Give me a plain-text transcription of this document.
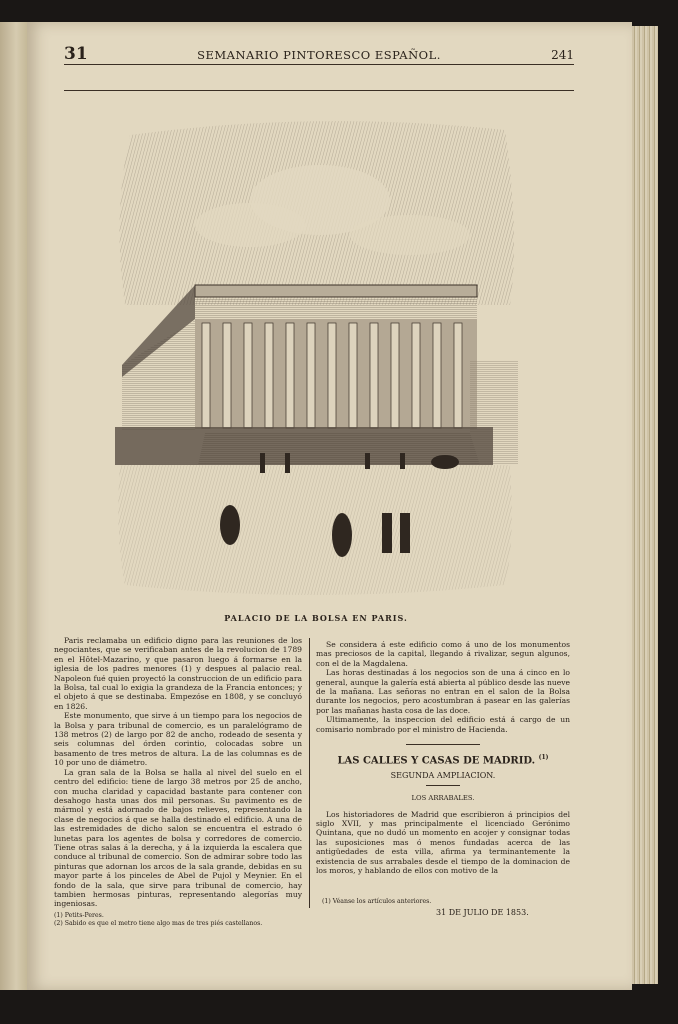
31	SEMANARIO PINTORESCO ESPAÑOL.	241
PALACIO DE LA BOLSA EN PARIS.

Paris reclamaba un edificio digno para las reuniones de los negociantes, que se verificaban antes de la revolucion de 1789 en el Hôtel-Mazarino, y que pasaron luego á formarse en la iglesia de los padres menores (1) y despues al palacio real. Napoleon fué quien proyectó la construccion de un edificio para la Bolsa, tal cual lo exigia la grandeza de la Francia entonces; y el objeto á que se destinaba. Empezóse en 1808, y se concluyó en 1826.

Este monumento, que sirve á un tiempo para los negocios de la Bolsa y para tribunal de comercio, es un paralelógramo de 138 metros (2) de largo por 82 de ancho, rodeado de sesenta y seis columnas del órden corintio, colocadas sobre un basamento de tres metros de altura. La de las columnas es de 10 por uno de diámetro.

La gran sala de la Bolsa se halla al nivel del suelo en el centro del edificio: tiene de largo 38 metros por 25 de ancho, con mucha claridad y capacidad bastante para contener con desahogo hasta unas dos mil personas. Su pavimento es de mármol y está adornado de bajos relieves, representando la clase de negocios á que se halla destinado el edificio. A una de las estremidades de dicho salon se encuentra el estrado ó lunetas para los agentes de bolsa y corredores de comercio. Tiene otras salas á la derecha, y á la izquierda la escalera que conduce al tribunal de comercio. Son de admirar sobre todo las pinturas que adornan los arcos de la sala grande, debidas en su mayor parte á los pinceles de Abel de Pujol y Meynier. En el fondo de la sala, que sirve para tribunal de comercio, hay tambien hermosas pinturas, representando alegorías muy ingeniosas.

(1) Petits-Peres.
(2) Sabido es que el metro tiene algo mas de tres piés castellanos.

Se considera á este edificio como á uno de los monumentos mas preciosos de la capital, llegando á rivalizar, segun algunos, con el de la Magdalena.

Las horas destinadas á los negocios son de una á cinco en lo general, aunque la galería está abierta al público desde las nueve de la mañana. Las señoras no entran en el salon de la Bolsa durante los negocios, pero acostumbran á pasear en las galerías por las mañanas hasta cosa de las doce.

Ultimamente, la inspeccion del edificio está á cargo de un comisario nombrado por el ministro de Hacienda.

LAS CALLES Y CASAS DE MADRID. $^{(1)}$
SEGUNDA AMPLIACION.
LOS ARRABALES.

Los historiadores de Madrid que escribieron á principios del siglo XVII, y mas principalmente el licenciado Gerónimo Quintana, que no dudó un momento en acojer y consignar todas las suposiciones mas ó menos fundadas acerca de las antigüedades de esta villa, afirma ya terminantemente la existencia de sus arrabales desde el tiempo de la dominacion de los moros, y hablando de ellos con motivo de la

(1) Véanse los artículos anteriores.
31 DE JULIO DE 1853.
